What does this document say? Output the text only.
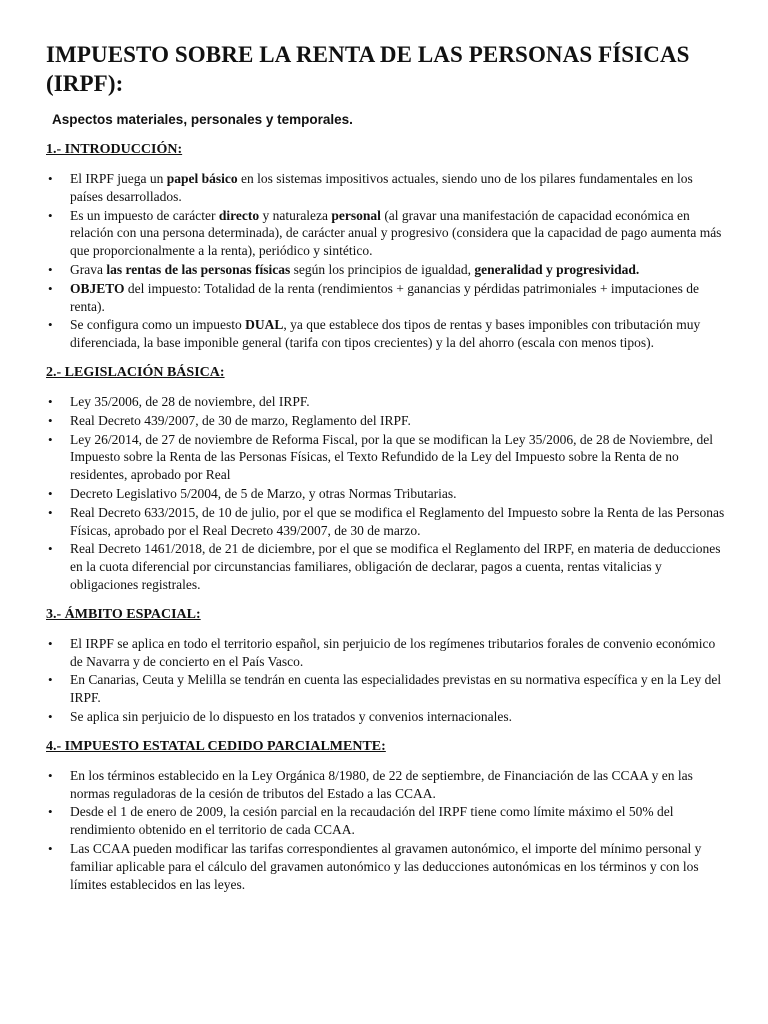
IMPUESTO SOBRE LA RENTA DE LAS PERSONAS FÍSICAS (IRPF):
Aspectos materiales, personales y temporales.
1.- INTRODUCCIÓN:
• El IRPF juega un papel básico en los sistemas impositivos actuales, siendo uno de los pilares fundamentales en los países desarrollados.
• Es un impuesto de carácter directo y naturaleza personal (al gravar una manifestación de capacidad económica en relación con una persona determinada), de carácter anual y progresivo (considera que la capacidad de pago aumenta más que proporcionalmente a la renta), periódico y sintético.
• Grava las rentas de las personas físicas según los principios de igualdad, generalidad y progresividad.
• OBJETO del impuesto: Totalidad de la renta (rendimientos + ganancias y pérdidas patrimoniales + imputaciones de renta).
• Se configura como un impuesto DUAL, ya que establece dos tipos de rentas y bases imponibles con tributación muy diferenciada, la base imponible general (tarifa con tipos crecientes) y la del ahorro (escala con menos tipos).
2.- LEGISLACIÓN BÁSICA:
• Ley 35/2006, de 28 de noviembre, del IRPF.
• Real Decreto 439/2007, de 30 de marzo, Reglamento del IRPF.
• Ley 26/2014, de 27 de noviembre de Reforma Fiscal, por la que se modifican la Ley 35/2006, de 28 de Noviembre, del Impuesto sobre la Renta de las Personas Físicas, el Texto Refundido de la Ley del Impuesto sobre la Renta de no residentes, aprobado por Real
• Decreto Legislativo 5/2004, de 5 de Marzo, y otras Normas Tributarias.
• Real Decreto 633/2015, de 10 de julio, por el que se modifica el Reglamento del Impuesto sobre la Renta de las Personas Físicas, aprobado por el Real Decreto 439/2007, de 30 de marzo.
• Real Decreto 1461/2018, de 21 de diciembre, por el que se modifica el Reglamento del IRPF, en materia de deducciones en la cuota diferencial por circunstancias familiares, obligación de declarar, pagos a cuenta, rentas vitalicias y obligaciones registrales.
3.- ÁMBITO ESPACIAL:
• El IRPF se aplica en todo el territorio español, sin perjuicio de los regímenes tributarios forales de convenio económico de Navarra y de concierto en el País Vasco.
• En Canarias, Ceuta y Melilla se tendrán en cuenta las especialidades previstas en su normativa específica y en la Ley del IRPF.
• Se aplica sin perjuicio de lo dispuesto en los tratados y convenios internacionales.
4.- IMPUESTO ESTATAL CEDIDO PARCIALMENTE:
• En los términos establecido en la Ley Orgánica 8/1980, de 22 de septiembre, de Financiación de las CCAA y en las normas reguladoras de la cesión de tributos del Estado a las CCAA.
• Desde el 1 de enero de 2009, la cesión parcial en la recaudación del IRPF tiene como límite máximo el 50% del rendimiento obtenido en el territorio de cada CCAA.
• Las CCAA pueden modificar las tarifas correspondientes al gravamen autonómico, el importe del mínimo personal y familiar aplicable para el cálculo del gravamen autonómico y las deducciones autonómicas en los términos y con los límites establecidos en las leyes.
